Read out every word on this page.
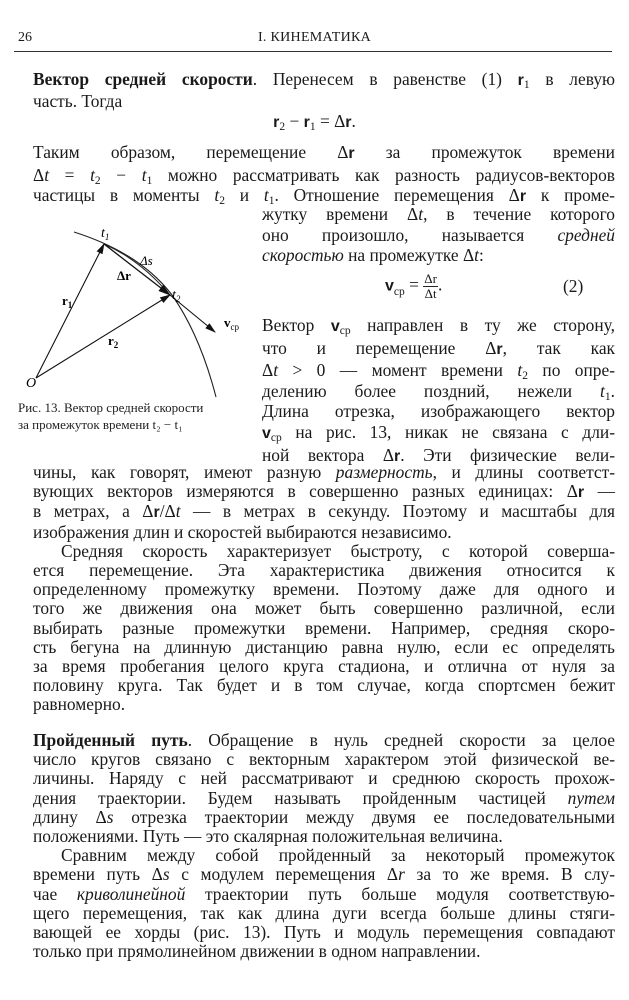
26	I. КИНЕМАТИКА
Вектор средней скорости. Перенесем в равенстве (1) $r_1$ в левую
часть. Тогда
$r_2 - r_1 = \Delta r$.
Таким образом, перемещение Δr за промежуток времени
$\Delta t = t_2 - t_1$ можно рассматривать как разность радиусов-векторов
частицы в моменты $t_2$ и $t_1$. Отношение перемещения Δr к проме-
жутку времени Δt, в течение которого
оно произошло, называется средней
скоростью на промежутке Δt:
$v_{ср} = \frac{\Delta r}{\Delta t}$ .	(2)
Вектор $v_{ср}$ направлен в ту же сторону,
что и перемещение Δr, так как
Δt > 0 — момент времени $t_2$ по опре-
делению более поздний, нежели $t_1$.
Длина отрезка, изображающего вектор
$v_{ср}$ на рис. 13, никак не связана с дли-
ной вектора Δr. Эти физические вели-
$t_1$
$t_2$
Δs
Δr
$r_1$
$r_2$
$v_{ср}$
O
Рис. 13. Вектор средней скорости
за промежуток времени t₂ − t₁
чины, как говорят, имеют разную размерность, и длины соответст-
вующих векторов измеряются в совершенно разных единицах: Δr —
в метрах, а Δr/Δt — в метрах в секунду. Поэтому и масштабы для
изображения длин и скоростей выбираются независимо.
Средняя скорость характеризует быстроту, с которой соверша-
ется перемещение. Эта характеристика движения относится к
определенному промежутку времени. Поэтому даже для одного и
того же движения она может быть совершенно различной, если
выбирать разные промежутки времени. Например, средняя скоро-
сть бегуна на длинную дистанцию равна нулю, если ес определять
за время пробегания целого круга стадиона, и отлична от нуля за
половину круга. Так будет и в том случае, когда спортсмен бежит
равномерно.
Пройденный путь. Обращение в нуль средней скорости за целое
число кругов связано с векторным характером этой физической ве-
личины. Наряду с ней рассматривают и среднюю скорость прохож-
дения траектории. Будем называть пройденным частицей путем
длину Δs отрезка траектории между двумя ее последовательными
положениями. Путь — это скалярная положительная величина.
Сравним между собой пройденный за некоторый промежуток
времени путь Δs с модулем перемещения Δr за то же время. В слу-
чае криволинейной траектории путь больше модуля соответствую-
щего перемещения, так как длина дуги всегда больше длины стяги-
вающей ее хорды (рис. 13). Путь и модуль перемещения совпадают
только при прямолинейном движении в одном направлении.
